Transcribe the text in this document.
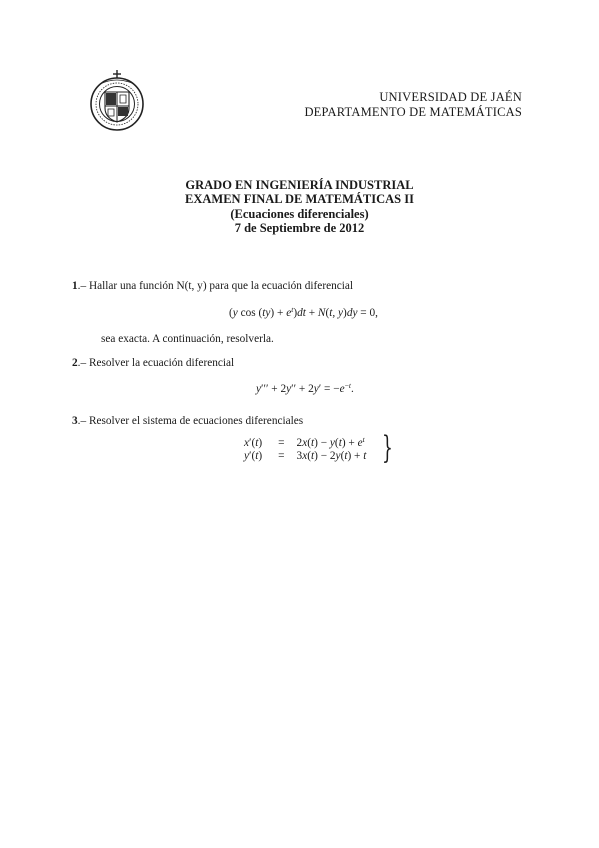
UNIVERSIDAD DE JAÉN
DEPARTAMENTO DE MATEMÁTICAS
GRADO EN INGENIERÍA INDUSTRIAL
EXAMEN FINAL DE MATEMÁTICAS II
(Ecuaciones diferenciales)
7 de Septiembre de 2012
1.– Hallar una función N(t, y) para que la ecuación diferencial
(y $\cos (ty) + e^t)dt + N(t$, y)dy = 0,
sea exacta. A continuación, resolverla.
2.– Resolver la ecuación diferencial
$y''' + 2y'' + 2y' = -e^{-t}$.
3.– Resolver el sistema de ecuaciones diferenciales
x′(t)	=	$2x(t) - y(t) + e^t$
y′(t)	=	3x(t) − 2y(t) + t }
